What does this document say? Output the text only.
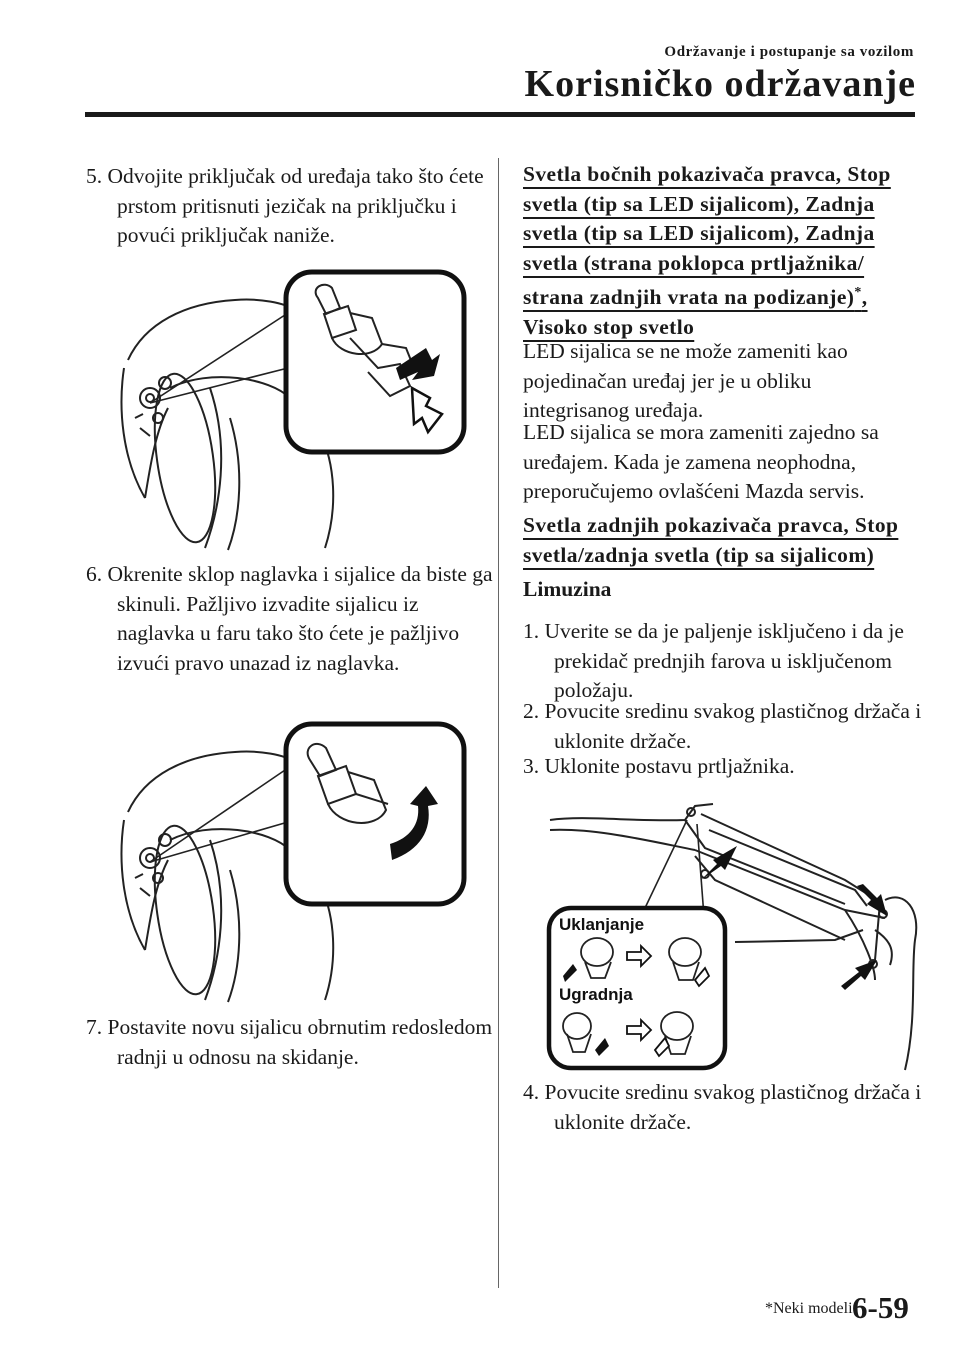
Održavanje i postupanje sa vozilom
Korisničko održavanje
5. Odvojite priključak od uređaja tako što ćete prstom pritisnuti jezičak na priključku i povući priključak naniže.
6. Okrenite sklop naglavka i sijalice da biste ga skinuli. Pažljivo izvadite sijalicu iz naglavka u faru tako što ćete je pažljivo izvući pravo unazad iz naglavka.
7. Postavite novu sijalicu obrnutim redosledom radnji u odnosu na skidanje.
Svetla bočnih pokazivača pravca, Stop
svetla (tip sa LED sijalicom), Zadnja
svetla (tip sa LED sijalicom), Zadnja
svetla (strana poklopca prtljažnika/
strana zadnjih vrata na podizanje)*,
Visoko stop svetlo
LED sijalica se ne može zameniti kao pojedinačan uređaj jer je u obliku integrisanog uređaja.
LED sijalica se mora zameniti zajedno sa uređajem. Kada je zamena neophodna, preporučujemo ovlašćeni Mazda servis.
Svetla zadnjih pokazivača pravca, Stop
svetla/zadnja svetla (tip sa sijalicom)
Limuzina
1. Uverite se da je paljenje isključeno i da je prekidač prednjih farova u isključenom položaju.
2. Povucite sredinu svakog plastičnog držača i uklonite držače.
3. Uklonite postavu prtljažnika.
Uklanjanje
Ugradnja
4. Povucite sredinu svakog plastičnog držača i uklonite držače.
*Neki modeli.
6-59
